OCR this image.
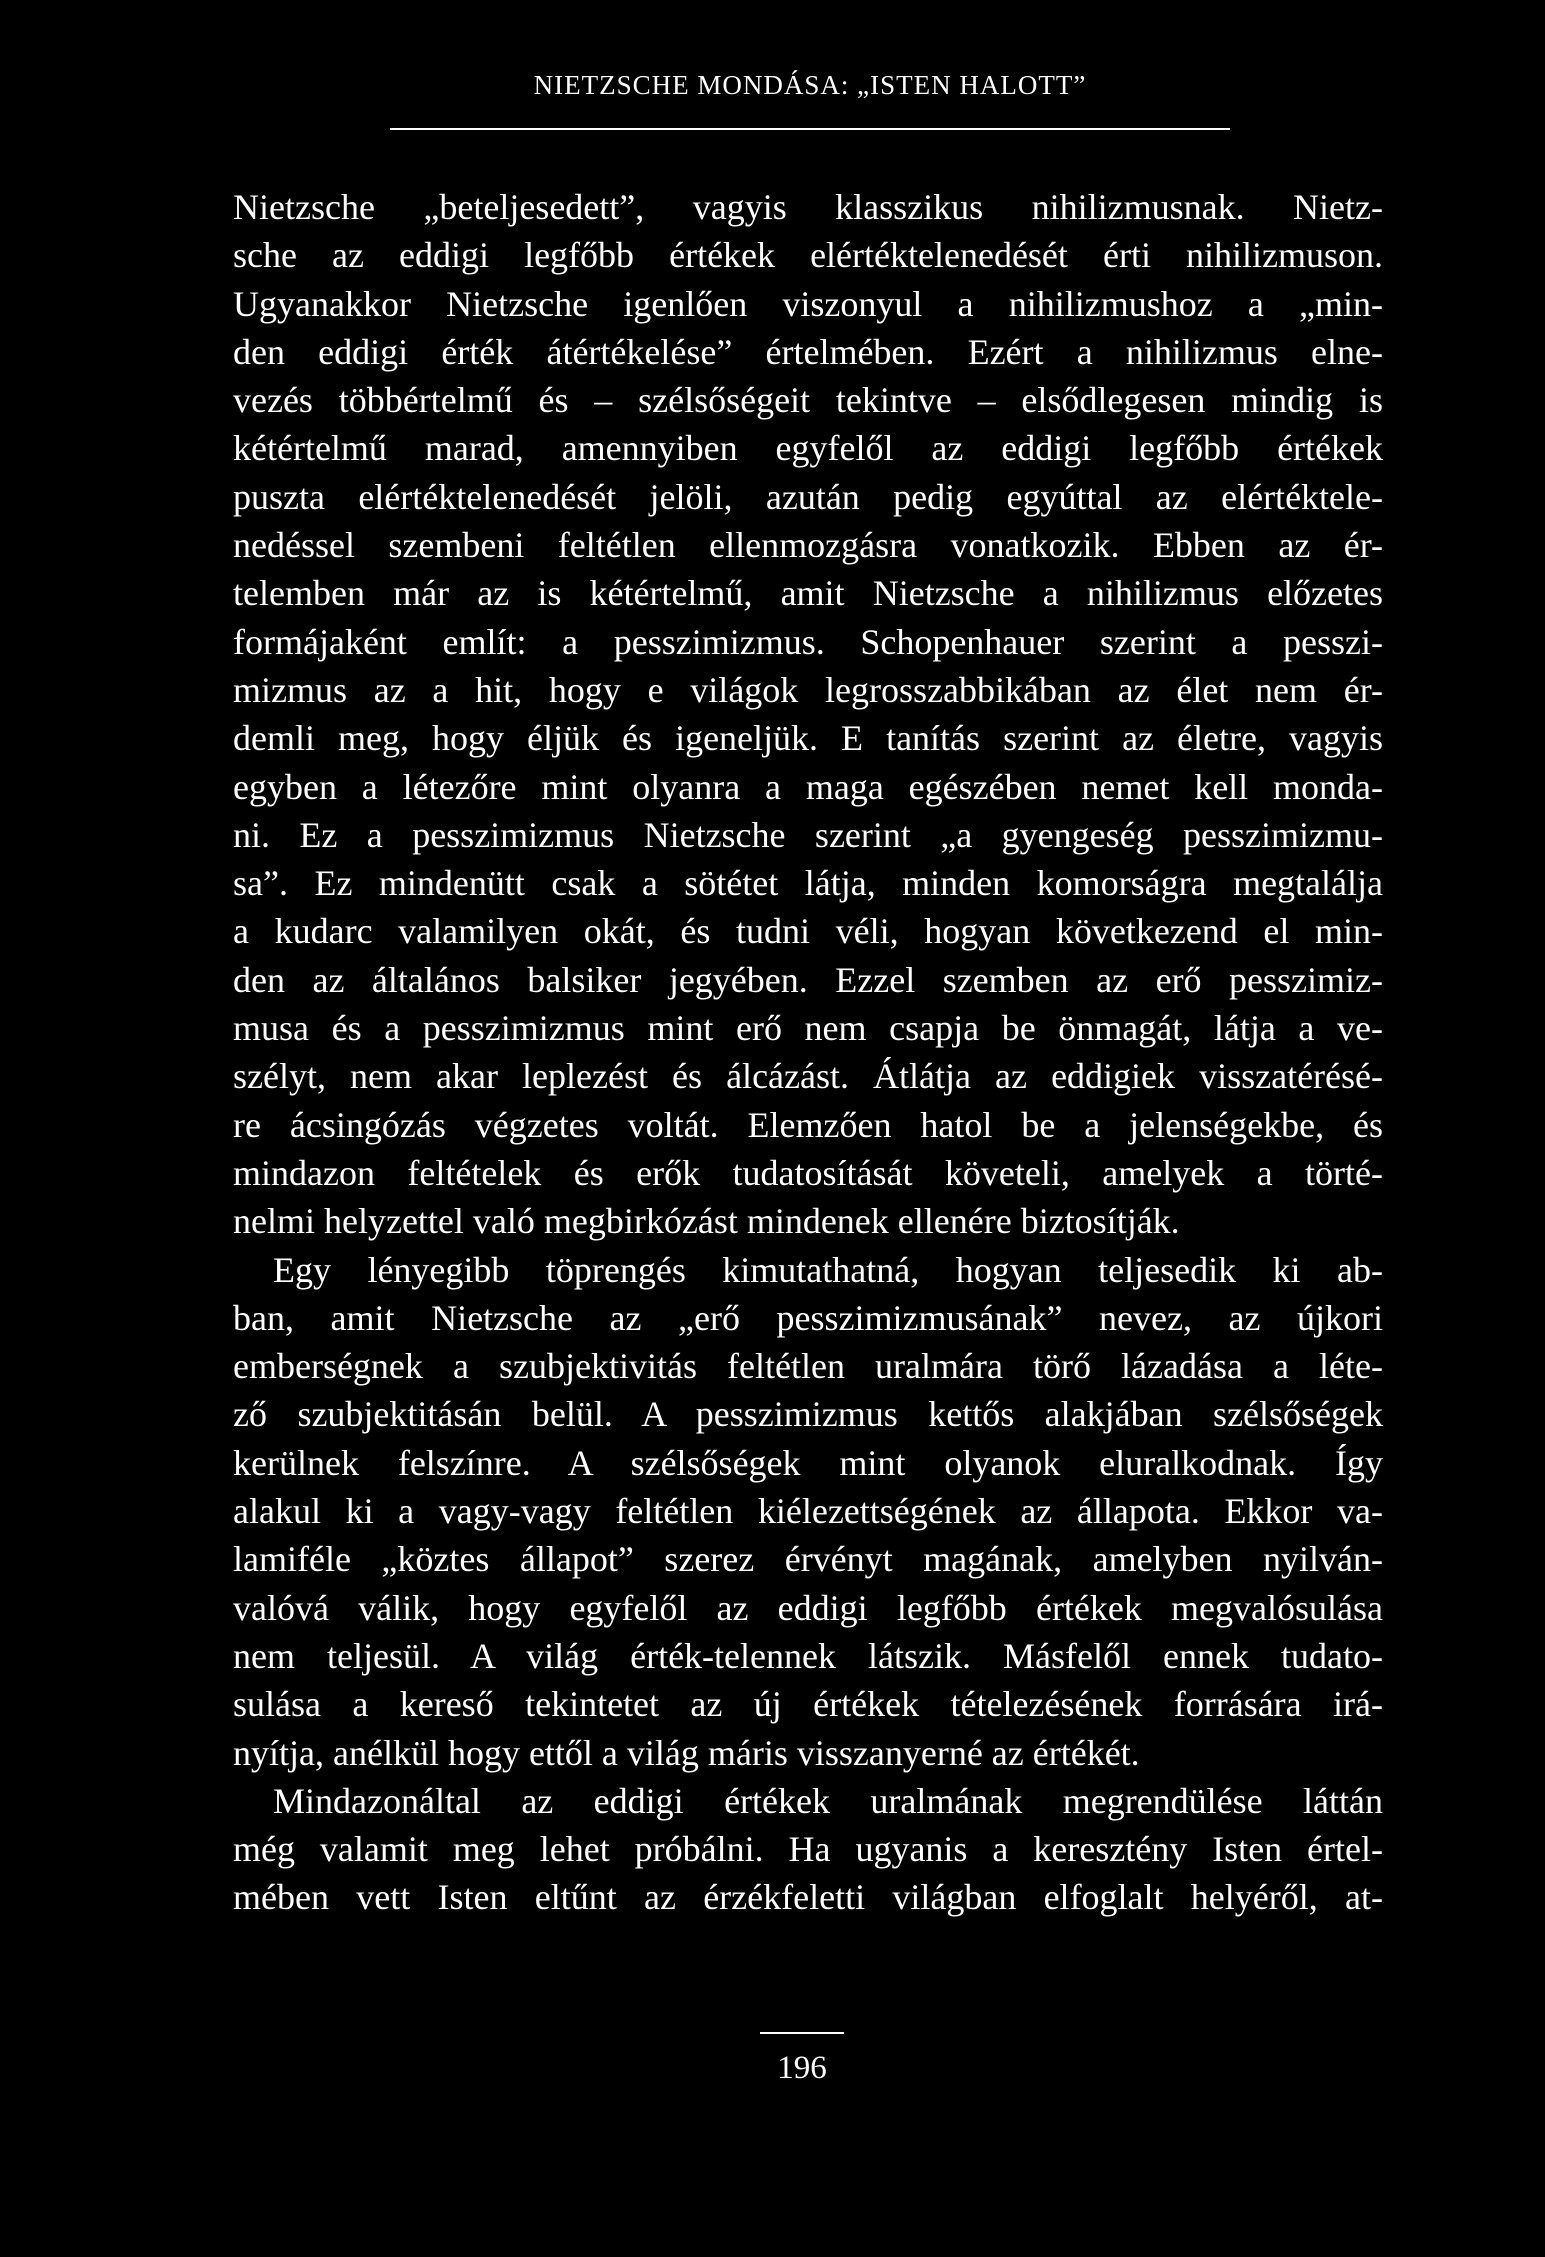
NIETZSCHE MONDÁSA: „ISTEN HALOTT”
Nietzsche „beteljesedett”, vagyis klasszikus nihilizmusnak. Nietz-
sche az eddigi legfőbb értékek elértéktelenedését érti nihilizmuson.
Ugyanakkor Nietzsche igenlően viszonyul a nihilizmushoz a „min-
den eddigi érték átértékelése” értelmében. Ezért a nihilizmus elne-
vezés többértelmű és – szélsőségeit tekintve – elsődlegesen mindig is
kétértelmű marad, amennyiben egyfelől az eddigi legfőbb értékek
puszta elértéktelenedését jelöli, azután pedig egyúttal az elértéktele-
nedéssel szembeni feltétlen ellenmozgásra vonatkozik. Ebben az ér-
telemben már az is kétértelmű, amit Nietzsche a nihilizmus előzetes
formájaként említ: a pesszimizmus. Schopenhauer szerint a pesszi-
mizmus az a hit, hogy e világok legrosszabbikában az élet nem ér-
demli meg, hogy éljük és igeneljük. E tanítás szerint az életre, vagyis
egyben a létezőre mint olyanra a maga egészében nemet kell monda-
ni. Ez a pesszimizmus Nietzsche szerint „a gyengeség pesszimizmu-
sa”. Ez mindenütt csak a sötétet látja, minden komorságra megtalálja
a kudarc valamilyen okát, és tudni véli, hogyan következend el min-
den az általános balsiker jegyében. Ezzel szemben az erő pesszimiz-
musa és a pesszimizmus mint erő nem csapja be önmagát, látja a ve-
szélyt, nem akar leplezést és álcázást. Átlátja az eddigiek visszatérésé-
re ácsingózás végzetes voltát. Elemzően hatol be a jelenségekbe, és
mindazon feltételek és erők tudatosítását követeli, amelyek a törté-
nelmi helyzettel való megbirkózást mindenek ellenére biztosítják.
Egy lényegibb töprengés kimutathatná, hogyan teljesedik ki ab-
ban, amit Nietzsche az „erő pesszimizmusának” nevez, az újkori
emberségnek a szubjektivitás feltétlen uralmára törő lázadása a léte-
ző szubjektitásán belül. A pesszimizmus kettős alakjában szélsőségek
kerülnek felszínre. A szélsőségek mint olyanok eluralkodnak. Így
alakul ki a vagy-vagy feltétlen kiélezettségének az állapota. Ekkor va-
lamiféle „köztes állapot” szerez érvényt magának, amelyben nyilván-
valóvá válik, hogy egyfelől az eddigi legfőbb értékek megvalósulása
nem teljesül. A világ érték-telennek látszik. Másfelől ennek tudato-
sulása a kereső tekintetet az új értékek tételezésének forrására irá-
nyítja, anélkül hogy ettől a világ máris visszanyerné az értékét.
Mindazonáltal az eddigi értékek uralmának megrendülése láttán
még valamit meg lehet próbálni. Ha ugyanis a keresztény Isten értel-
mében vett Isten eltűnt az érzékfeletti világban elfoglalt helyéről, at-
196
